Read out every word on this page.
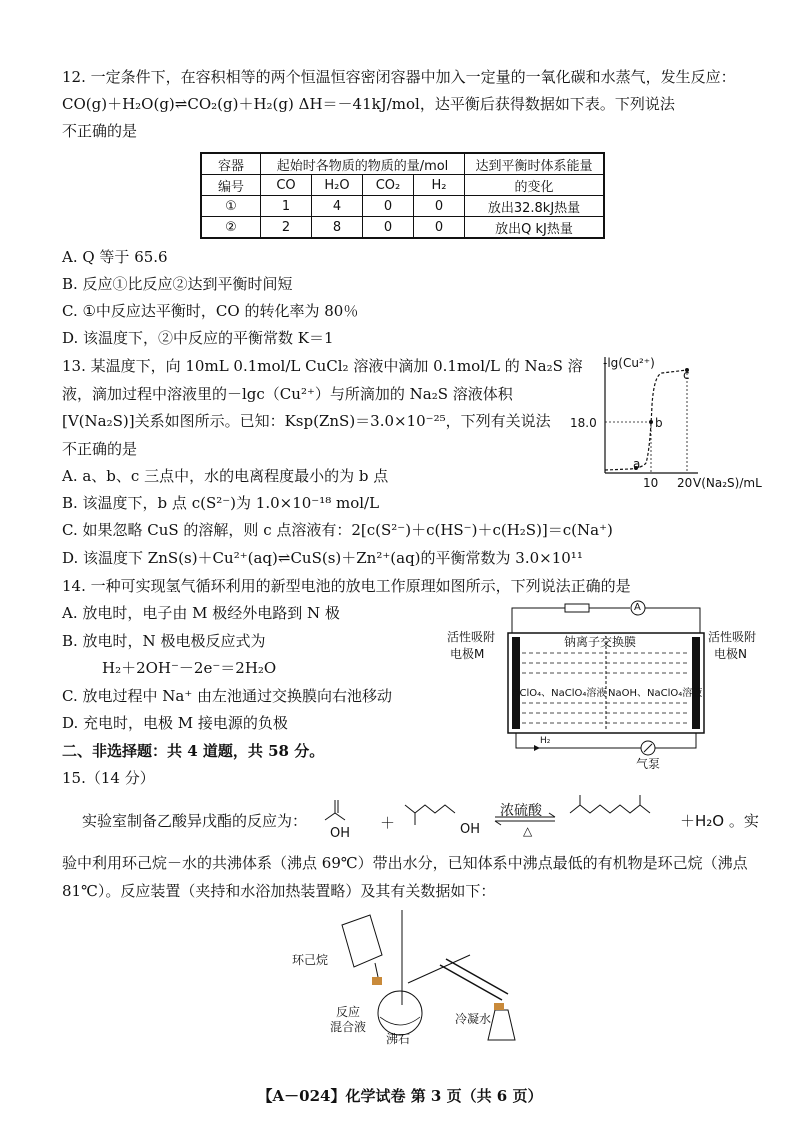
12. 一定条件下，在容积相等的两个恒温恒容密闭容器中加入一定量的一氧化碳和水蒸气，发生反应：
CO(g)＋H₂O(g)⇌CO₂(g)＋H₂(g) ΔH＝－41kJ/mol，达平衡后获得数据如下表。下列说法
不正确的是
容器	起始时各物质的物质的量/mol				达到平衡时体系能量
编号	CO	H₂O	CO₂	H₂	的变化
①	1	4	0	0	放出32.8kJ热量
②	2	8	0	0	放出Q kJ热量
A. Q 等于 65.6
B. 反应①比反应②达到平衡时间短
C. ①中反应达平衡时，CO 的转化率为 80％
D. 该温度下，②中反应的平衡常数 K＝1
13. 某温度下，向 10mL 0.1mol/L CuCl₂ 溶液中滴加 0.1mol/L 的 Na₂S 溶
液，滴加过程中溶液里的－lgc（Cu²⁺）与所滴加的 Na₂S 溶液体积
[V(Na₂S)]关系如图所示。已知：Ksp(ZnS)＝3.0×10⁻²⁵，下列有关说法
不正确的是
A. a、b、c 三点中，水的电离程度最小的为 b 点
B. 该温度下，b 点 c(S²⁻)为 1.0×10⁻¹⁸ mol/L
C. 如果忽略 CuS 的溶解，则 c 点溶液有：2[c(S²⁻)＋c(HS⁻)＋c(H₂S)]＝c(Na⁺)
D. 该温度下 ZnS(s)＋Cu²⁺(aq)⇌CuS(s)＋Zn²⁺(aq)的平衡常数为 3.0×10¹¹
-lg(Cu²⁺)
18.0
a
b
c
10 20 V(Na₂S)/mL
14. 一种可实现氢气循环利用的新型电池的放电工作原理如图所示，下列说法正确的是
A. 放电时，电子由 M 极经外电路到 N 极
B. 放电时，N 极电极反应式为
H₂＋2OH⁻－2e⁻＝2H₂O
C. 放电过程中 Na⁺ 由左池通过交换膜向右池移动
D. 充电时，电极 M 接电源的负极
A
活性吸附
电极M
活性吸附
电极N
钠离子交换膜
HClO₄、NaClO₄溶液 NaOH、NaClO₄溶液
H₂
气泵
二、非选择题：共 4 道题，共 58 分。
15.（14 分）
实验室制备乙酸异戊酯的反应为：
OH
＋	OH
浓硫酸
△
＋H₂O 。实
验中利用环己烷－水的共沸体系（沸点 69℃）带出水分，已知体系中沸点最低的有机物是环己烷（沸点
81℃）。反应装置（夹持和水浴加热装置略）及其有关数据如下：
环己烷
反应
混合液
沸石
冷凝水
【A－024】化学试卷 第 3 页（共 6 页）
